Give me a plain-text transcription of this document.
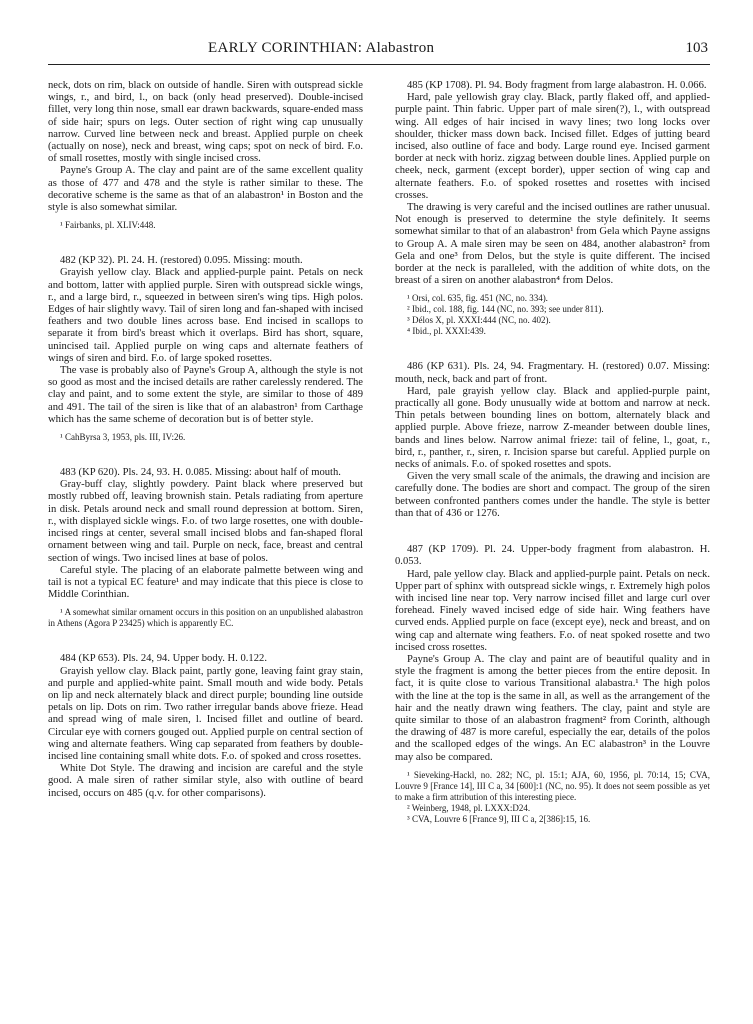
EARLY CORINTHIAN: Alabastron	103

neck, dots on rim, black on outside of handle. Siren with outspread sickle wings, r., and bird, l., on back (only head preserved). Double-incised fillet, very long thin nose, small ear drawn backwards, square-ended mass of side hair; spurs on legs. Outer section of right wing cap unusually narrow. Curved line between neck and breast. Applied purple on cheek (actually on nose), neck and breast, wing caps; spot on neck of bird. F.o. of small rosettes, mostly with single incised cross.

Payne's Group A. The clay and paint are of the same excellent quality as those of 477 and 478 and the style is rather similar to these. The decorative scheme is the same as that of an alabastron¹ in Boston and the style is also somewhat similar.

¹ Fairbanks, pl. XLIV:448.

482 (KP 32). Pl. 24. H. (restored) 0.095. Missing: mouth.

Grayish yellow clay. Black and applied-purple paint. Petals on neck and bottom, latter with applied purple. Siren with outspread sickle wings, r., and a large bird, r., squeezed in between siren's wing tips. High polos. Edges of hair slightly wavy. Tail of siren long and fan-shaped with incised feathers and two double lines across base. End incised in scallops to separate it from bird's breast which it overlaps. Bird has short, square, unincised tail. Applied purple on wing caps and alternate feathers of wings of siren and bird. F.o. of large spoked rosettes.

The vase is probably also of Payne's Group A, although the style is not so good as most and the incised details are rather carelessly rendered. The clay and paint, and to some extent the style, are similar to those of 489 and 491. The tail of the siren is like that of an alabastron¹ from Carthage which has the same scheme of decoration but is of better style.

¹ CahByrsa 3, 1953, pls. III, IV:26.

483 (KP 620). Pls. 24, 93. H. 0.085. Missing: about half of mouth.

Gray-buff clay, slightly powdery. Paint black where preserved but mostly rubbed off, leaving brownish stain. Petals radiating from aperture in disk. Petals around neck and small round depression at bottom. Siren, r., with displayed sickle wings. F.o. of two large rosettes, one with double-incised rings at center, several small incised blobs and fan-shaped floral ornament between wing and tail. Purple on neck, face, breast and central section of wings. Two incised lines at base of polos.

Careful style. The placing of an elaborate palmette between wing and tail is not a typical EC feature¹ and may indicate that this piece is close to Middle Corinthian.

¹ A somewhat similar ornament occurs in this position on an unpublished alabastron in Athens (Agora P 23425) which is apparently EC.

484 (KP 653). Pls. 24, 94. Upper body. H. 0.122.

Grayish yellow clay. Black paint, partly gone, leaving faint gray stain, and purple and applied-white paint. Small mouth and wide body. Petals on lip and neck alternately black and direct purple; bounding line outside petals on lip. Dots on rim. Two rather irregular bands above frieze. Head and spread wing of male siren, l. Incised fillet and outline of beard. Circular eye with corners gouged out. Applied purple on central section of wing and alternate feathers. Wing cap separated from feathers by double-incised line containing small white dots. F.o. of spoked and cross rosettes.

White Dot Style. The drawing and incision are careful and the style good. A male siren of rather similar style, also with outline of beard incised, occurs on 485 (q.v. for other comparisons).

485 (KP 1708). Pl. 94. Body fragment from large alabastron. H. 0.066.

Hard, pale yellowish gray clay. Black, partly flaked off, and applied-purple paint. Thin fabric. Upper part of male siren(?), l., with outspread wing. All edges of hair incised in wavy lines; two long locks over shoulder, thicker mass down back. Incised fillet. Edges of jutting beard incised, also outline of face and body. Large round eye. Incised garment border at neck with horiz. zigzag between double lines. Applied purple on cheek, neck, garment (except border), upper section of wing cap and alternate feathers. F.o. of spoked rosettes and rosettes with incised crosses.

The drawing is very careful and the incised outlines are rather unusual. Not enough is preserved to determine the style definitely. It seems somewhat similar to that of an alabastron¹ from Gela which Payne assigns to Group A. A male siren may be seen on 484, another alabastron² from Gela and one³ from Delos, but the style is quite different. The incised border at the neck is paralleled, with the addition of white dots, on the breast of a siren on another alabastron⁴ from Delos.

¹ Orsi, col. 635, fig. 451 (NC, no. 334).

² Ibid., col. 188, fig. 144 (NC, no. 393; see under 811).

³ Délos X, pl. XXXI:444 (NC, no. 402).

⁴ Ibid., pl. XXXI:439.

486 (KP 631). Pls. 24, 94. Fragmentary. H. (restored) 0.07. Missing: mouth, neck, back and part of front.

Hard, pale grayish yellow clay. Black and applied-purple paint, practically all gone. Body unusually wide at bottom and narrow at neck. Thin petals between bounding lines on bottom, alternately black and applied purple. Above frieze, narrow Z-meander between double lines, bands and lines below. Narrow animal frieze: tail of feline, l., goat, r., bird, r., panther, r., siren, r. Incision sparse but careful. Applied purple on necks of animals. F.o. of spoked rosettes and spots.

Given the very small scale of the animals, the drawing and incision are carefully done. The bodies are short and compact. The group of the siren between confronted panthers comes under the handle. The style is better than that of 436 or 1276.

487 (KP 1709). Pl. 24. Upper-body fragment from alabastron. H. 0.053.

Hard, pale yellow clay. Black and applied-purple paint. Petals on neck. Upper part of sphinx with outspread sickle wings, r. Extremely high polos with incised line near top. Very narrow incised fillet and large curl over forehead. Finely waved incised edge of side hair. Wing feathers have curved ends. Applied purple on face (except eye), neck and breast, and on wing cap and alternate wing feathers. F.o. of neat spoked rosette and two incised cross rosettes.

Payne's Group A. The clay and paint are of beautiful quality and in style the fragment is among the better pieces from the entire deposit. In fact, it is quite close to various Transitional alabastra.¹ The high polos with the line at the top is the same in all, as well as the arrangement of the hair and the neatly drawn wing feathers. The clay, paint and style are quite similar to those of an alabastron fragment² from Corinth, although the drawing of 487 is more careful, especially the ear, details of the polos and the scalloped edges of the wings. An EC alabastron³ in the Louvre may also be compared.

¹ Sieveking-Hackl, no. 282; NC, pl. 15:1; AJA, 60, 1956, pl. 70:14, 15; CVA, Louvre 9 [France 14], III C a, 34 [600]:1 (NC, no. 95). It does not seem possible as yet to make a firm attribution of this interesting piece.

² Weinberg, 1948, pl. LXXX:D24.

³ CVA, Louvre 6 [France 9], III C a, 2[386]:15, 16.
